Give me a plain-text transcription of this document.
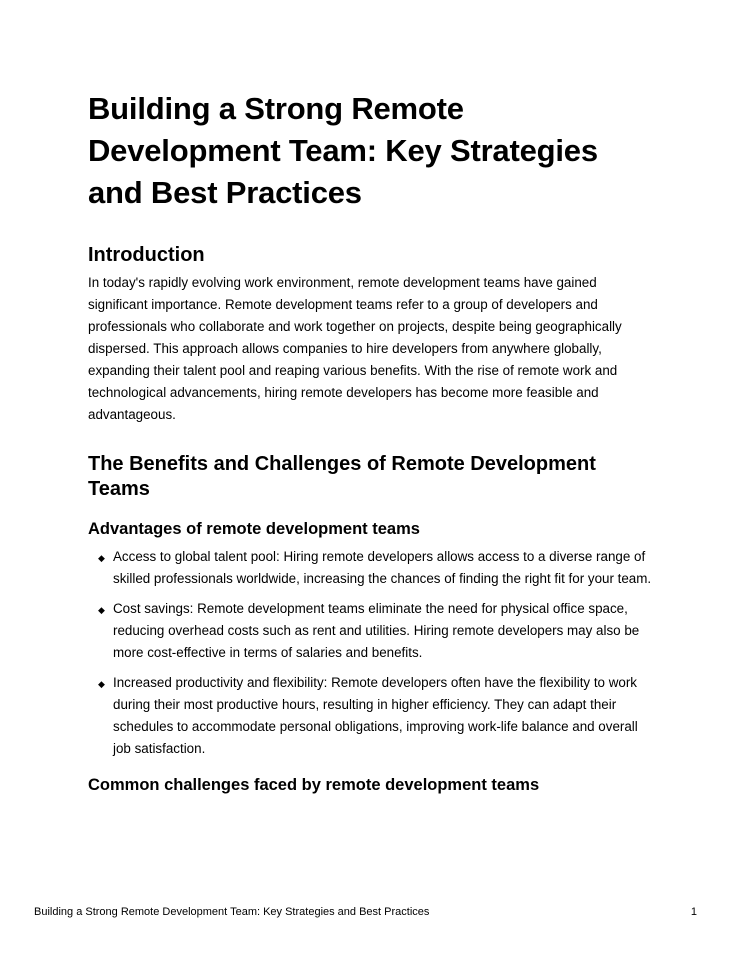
Building a Strong Remote Development Team: Key Strategies and Best Practices
Introduction

In today's rapidly evolving work environment, remote development teams have gained significant importance. Remote development teams refer to a group of developers and professionals who collaborate and work together on projects, despite being geographically dispersed. This approach allows companies to hire developers from anywhere globally, expanding their talent pool and reaping various benefits. With the rise of remote work and technological advancements, hiring remote developers has become more feasible and advantageous.

The Benefits and Challenges of Remote Development Teams
Advantages of remote development teams
◆ Access to global talent pool: Hiring remote developers allows access to a diverse range of skilled professionals worldwide, increasing the chances of finding the right fit for your team.
◆ Cost savings: Remote development teams eliminate the need for physical office space, reducing overhead costs such as rent and utilities. Hiring remote developers may also be more cost-effective in terms of salaries and benefits.
◆ Increased productivity and flexibility: Remote developers often have the flexibility to work during their most productive hours, resulting in higher efficiency. They can adapt their schedules to accommodate personal obligations, improving work-life balance and overall job satisfaction.
Common challenges faced by remote development teams
Building a Strong Remote Development Team: Key Strategies and Best Practices	1
